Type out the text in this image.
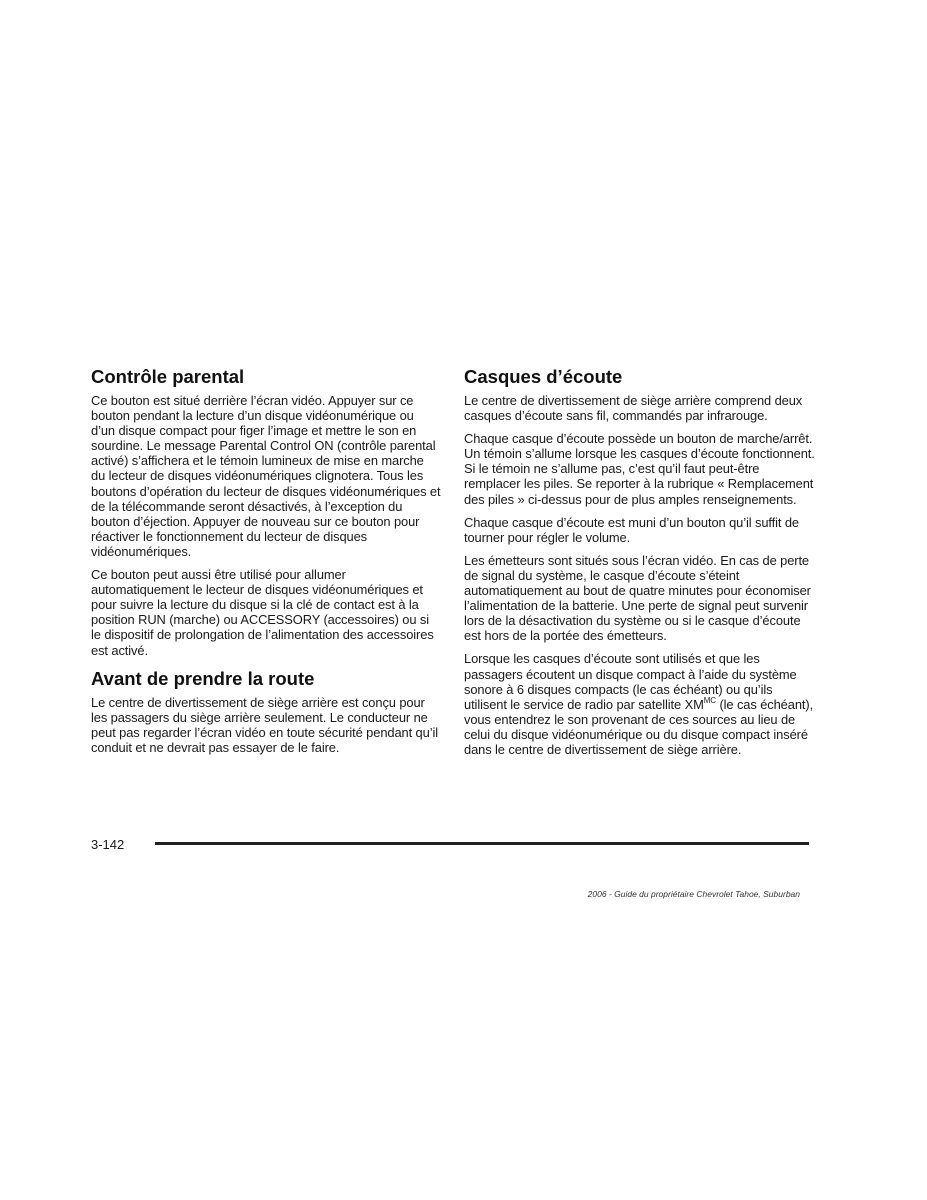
Contrôle parental

Ce bouton est situé derrière l’écran vidéo. Appuyer sur ce bouton pendant la lecture d’un disque vidéonumérique ou d’un disque compact pour figer l’image et mettre le son en sourdine. Le message Parental Control ON (contrôle parental activé) s’affichera et le témoin lumineux de mise en marche du lecteur de disques vidéonumériques clignotera. Tous les boutons d’opération du lecteur de disques vidéonumériques et de la télécommande seront désactivés, à l’exception du bouton d’éjection. Appuyer de nouveau sur ce bouton pour réactiver le fonctionnement du lecteur de disques vidéonumériques.

Ce bouton peut aussi être utilisé pour allumer automatiquement le lecteur de disques vidéonumériques et pour suivre la lecture du disque si la clé de contact est à la position RUN (marche) ou ACCESSORY (accessoires) ou si le dispositif de prolongation de l’alimentation des accessoires est activé.

Avant de prendre la route

Le centre de divertissement de siège arrière est conçu pour les passagers du siège arrière seulement. Le conducteur ne peut pas regarder l’écran vidéo en toute sécurité pendant qu’il conduit et ne devrait pas essayer de le faire.

Casques d’écoute

Le centre de divertissement de siège arrière comprend deux casques d’écoute sans fil, commandés par infrarouge.

Chaque casque d’écoute possède un bouton de marche/arrêt. Un témoin s’allume lorsque les casques d’écoute fonctionnent. Si le témoin ne s’allume pas, c’est qu’il faut peut-être remplacer les piles. Se reporter à la rubrique « Remplacement des piles » ci-dessus pour de plus amples renseignements.

Chaque casque d’écoute est muni d’un bouton qu’il suffit de tourner pour régler le volume.

Les émetteurs sont situés sous l’écran vidéo. En cas de perte de signal du système, le casque d’écoute s’éteint automatiquement au bout de quatre minutes pour économiser l’alimentation de la batterie. Une perte de signal peut survenir lors de la désactivation du système ou si le casque d’écoute est hors de la portée des émetteurs.

Lorsque les casques d’écoute sont utilisés et que les passagers écoutent un disque compact à l’aide du système sonore à 6 disques compacts (le cas échéant) ou qu’ils utilisent le service de radio par satellite $XM^{MC}$ (le cas échéant), vous entendrez le son provenant de ces sources au lieu de celui du disque vidéonumérique ou du disque compact inséré dans le centre de divertissement de siège arrière.

3-142
2006 - Guide du propriétaire Chevrolet Tahoe, Suburban
